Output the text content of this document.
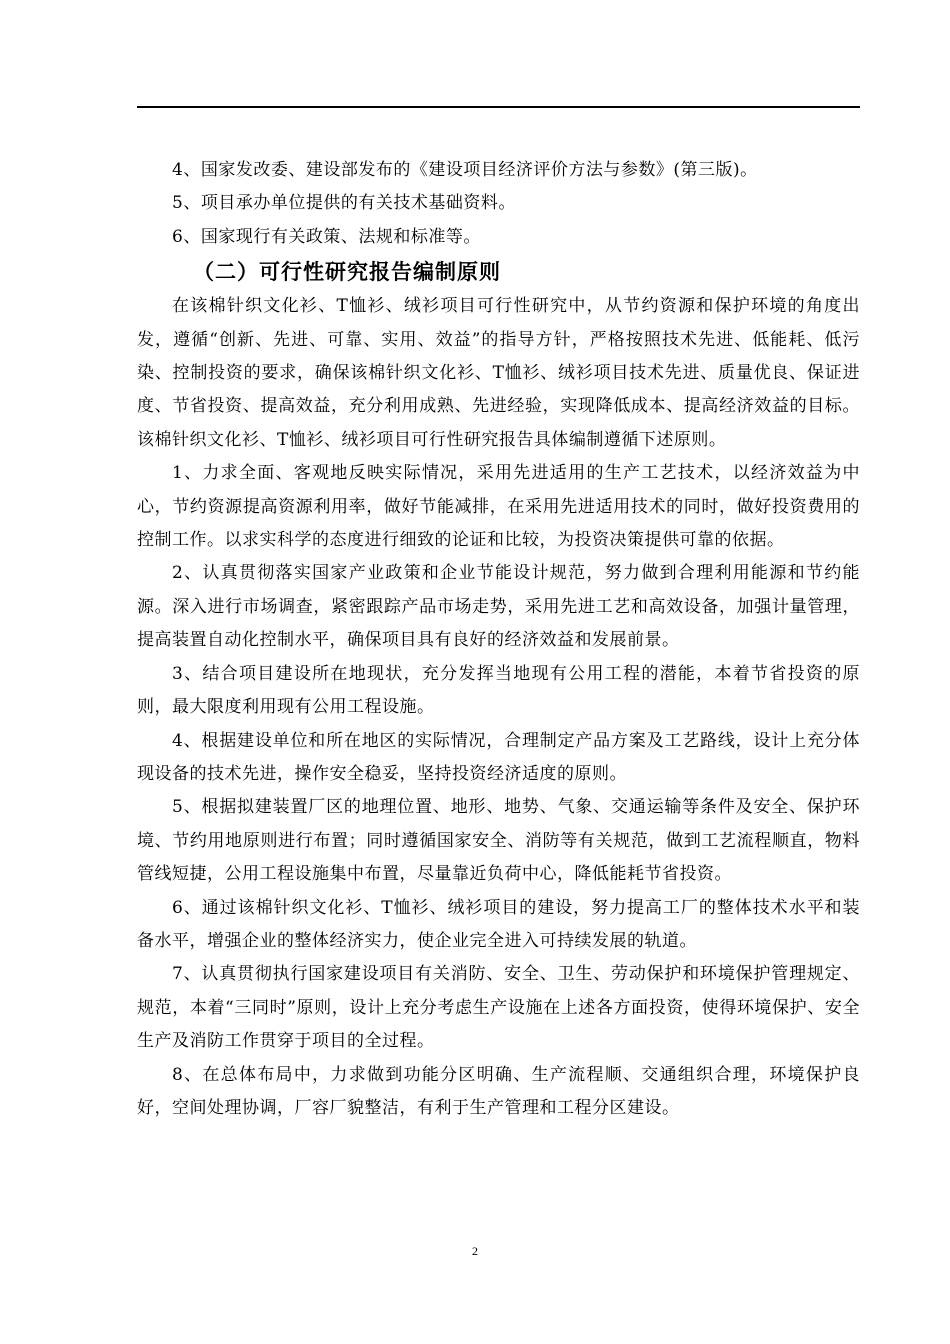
4、国家发改委、建设部发布的《建设项目经济评价方法与参数》(第三版)。

5、项目承办单位提供的有关技术基础资料。

6、国家现行有关政策、法规和标准等。

（二）可行性研究报告编制原则

在该棉针织文化衫、T恤衫、绒衫项目可行性研究中，从节约资源和保护环境的角度出发，遵循“创新、先进、可靠、实用、效益”的指导方针，严格按照技术先进、低能耗、低污染、控制投资的要求，确保该棉针织文化衫、T恤衫、绒衫项目技术先进、质量优良、保证进度、节省投资、提高效益，充分利用成熟、先进经验，实现降低成本、提高经济效益的目标。该棉针织文化衫、T恤衫、绒衫项目可行性研究报告具体编制遵循下述原则。

1、力求全面、客观地反映实际情况，采用先进适用的生产工艺技术，以经济效益为中心，节约资源提高资源利用率，做好节能减排，在采用先进适用技术的同时，做好投资费用的控制工作。以求实科学的态度进行细致的论证和比较，为投资决策提供可靠的依据。

2、认真贯彻落实国家产业政策和企业节能设计规范，努力做到合理利用能源和节约能源。深入进行市场调查，紧密跟踪产品市场走势，采用先进工艺和高效设备，加强计量管理，提高装置自动化控制水平，确保项目具有良好的经济效益和发展前景。

3、结合项目建设所在地现状，充分发挥当地现有公用工程的潜能，本着节省投资的原则，最大限度利用现有公用工程设施。

4、根据建设单位和所在地区的实际情况，合理制定产品方案及工艺路线，设计上充分体现设备的技术先进，操作安全稳妥，坚持投资经济适度的原则。

5、根据拟建装置厂区的地理位置、地形、地势、气象、交通运输等条件及安全、保护环境、节约用地原则进行布置；同时遵循国家安全、消防等有关规范，做到工艺流程顺直，物料管线短捷，公用工程设施集中布置，尽量靠近负荷中心，降低能耗节省投资。

6、通过该棉针织文化衫、T恤衫、绒衫项目的建设，努力提高工厂的整体技术水平和装备水平，增强企业的整体经济实力，使企业完全进入可持续发展的轨道。

7、认真贯彻执行国家建设项目有关消防、安全、卫生、劳动保护和环境保护管理规定、规范，本着“三同时”原则，设计上充分考虑生产设施在上述各方面投资，使得环境保护、安全生产及消防工作贯穿于项目的全过程。

8、在总体布局中，力求做到功能分区明确、生产流程顺、交通组织合理，环境保护良好，空间处理协调，厂容厂貌整洁，有利于生产管理和工程分区建设。

2
